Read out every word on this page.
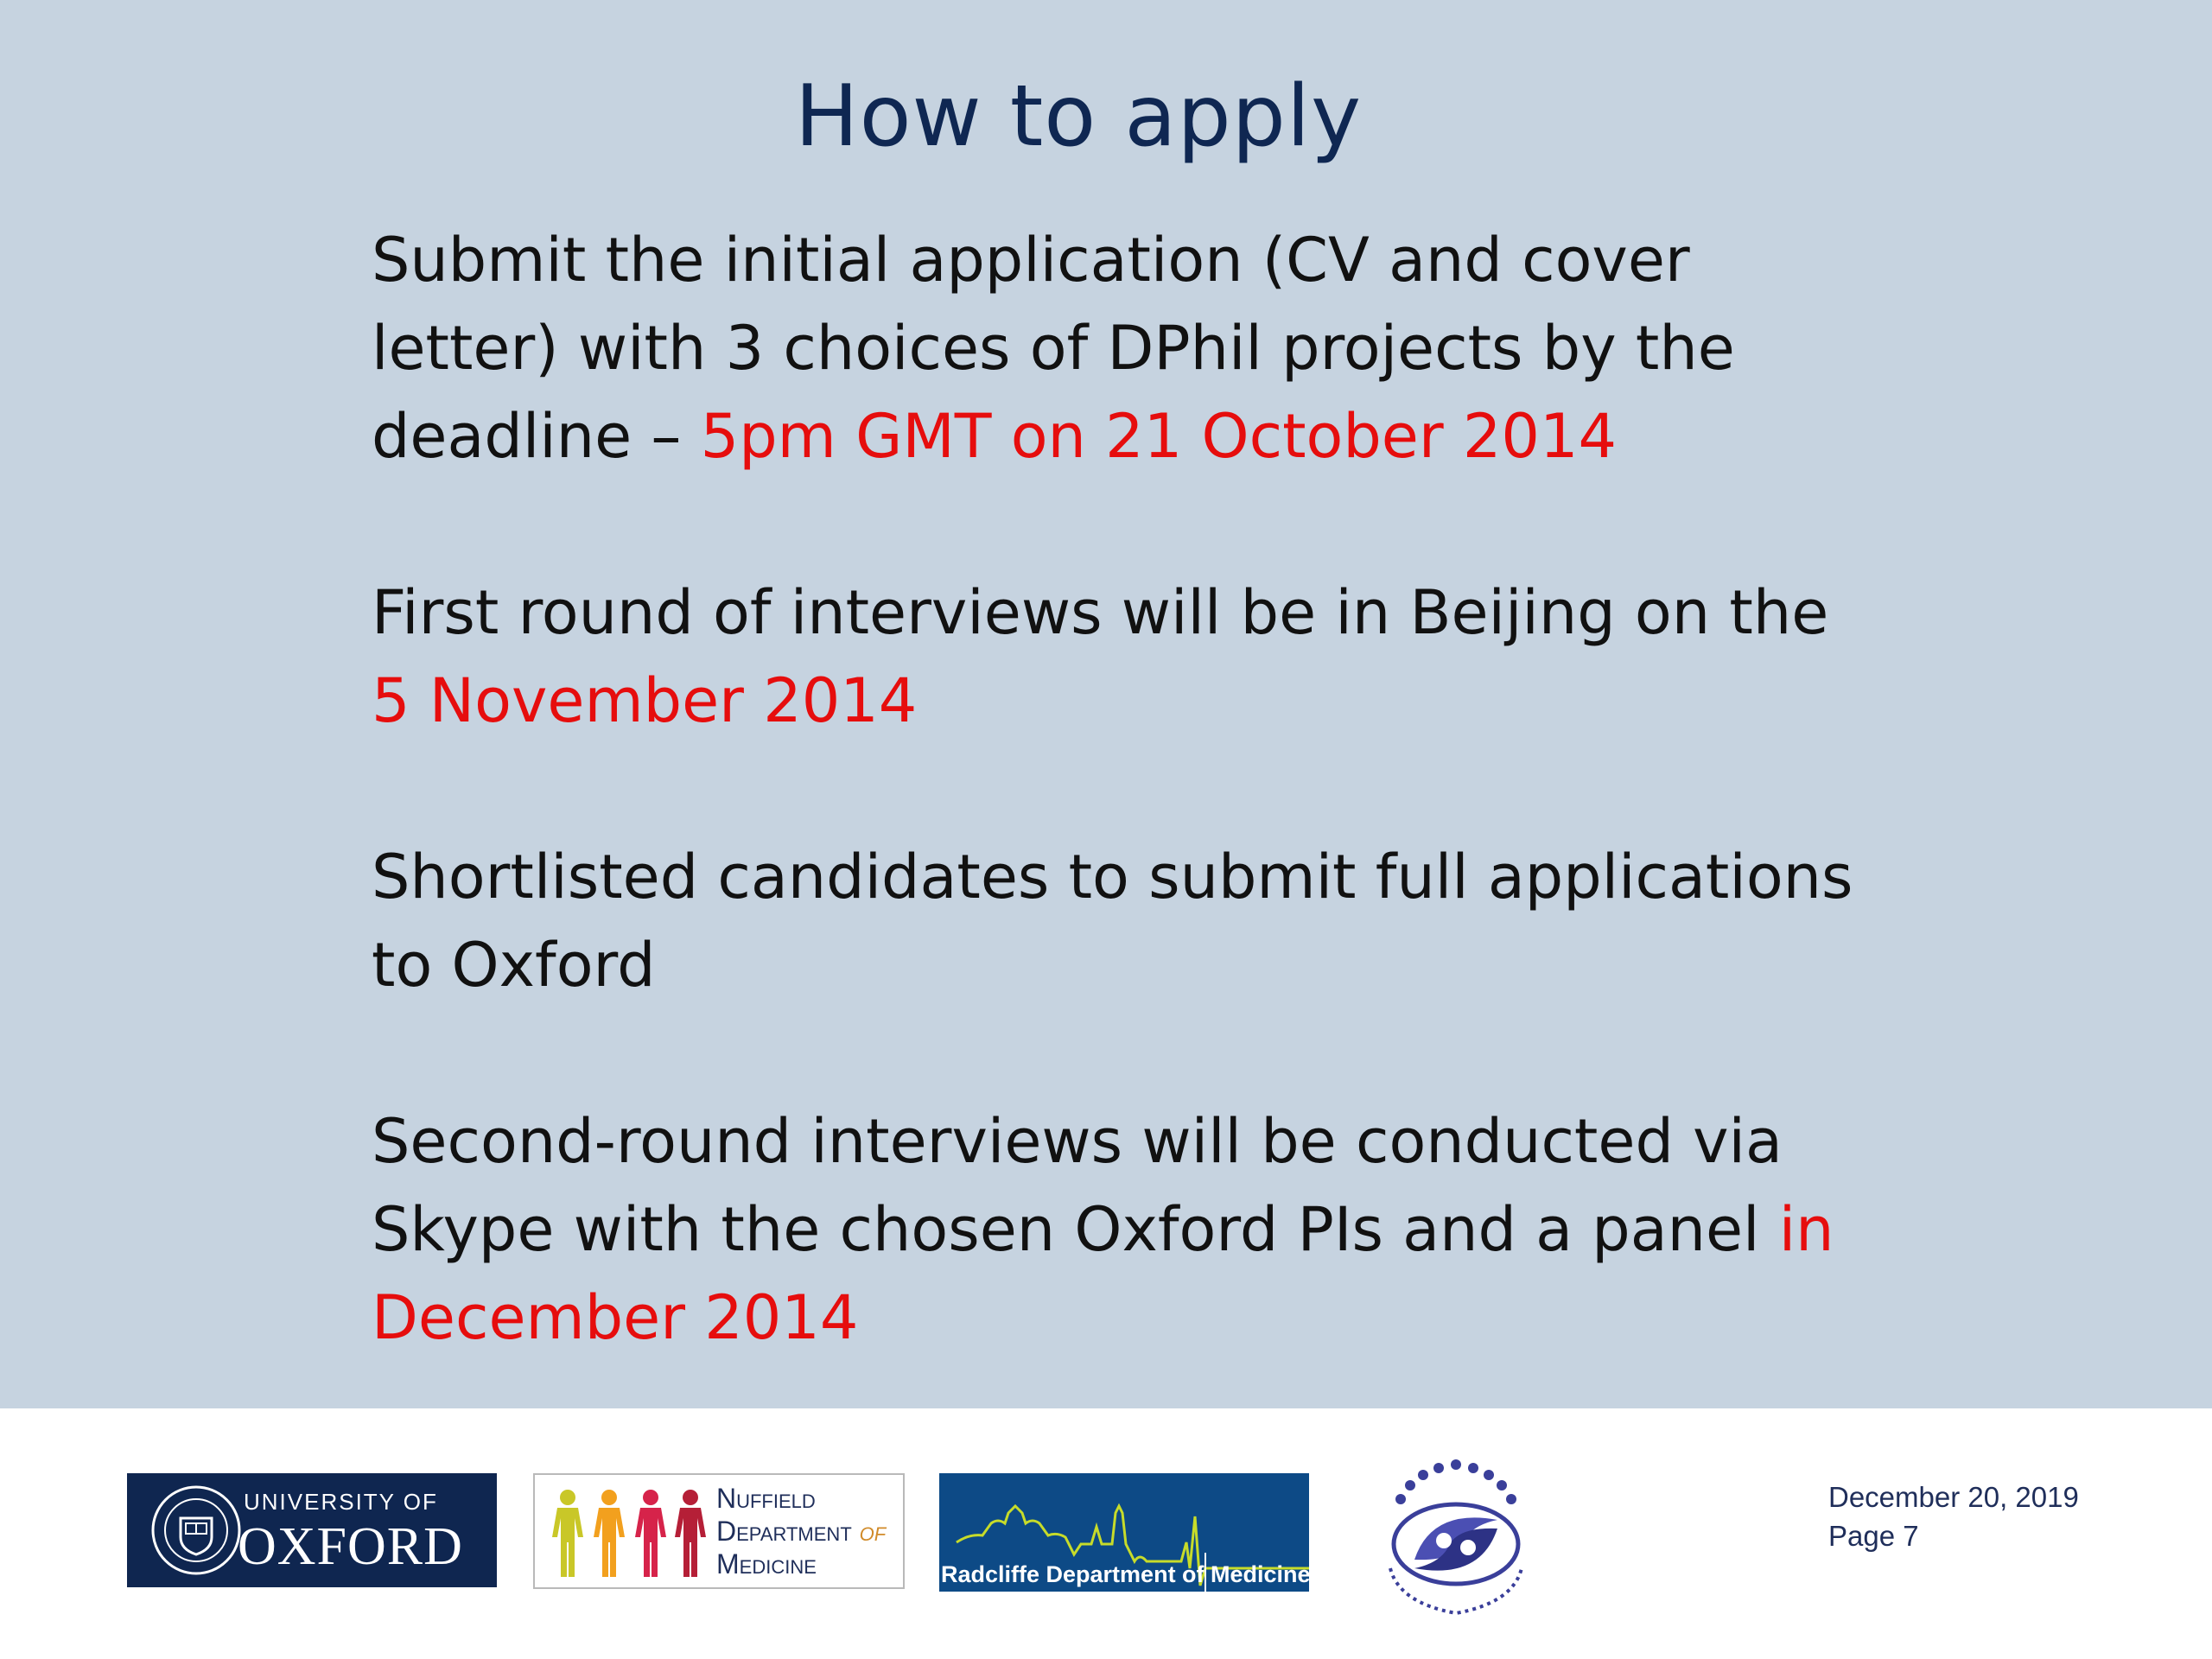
How to apply

Submit the initial application (CV and cover letter) with 3 choices of DPhil projects by the deadline – 5pm GMT on 21 October 2014

First round of interviews will be in Beijing on the
5 November 2014

Shortlisted candidates to submit full applications to Oxford

Second-round interviews will be conducted via Skype with the chosen Oxford PIs and a panel in December 2014

UNIVERSITY OF
OXFORD
Nuffield
Department of
Medicine	Radcliffe Department of Medicine
December 20, 2019
Page 7
